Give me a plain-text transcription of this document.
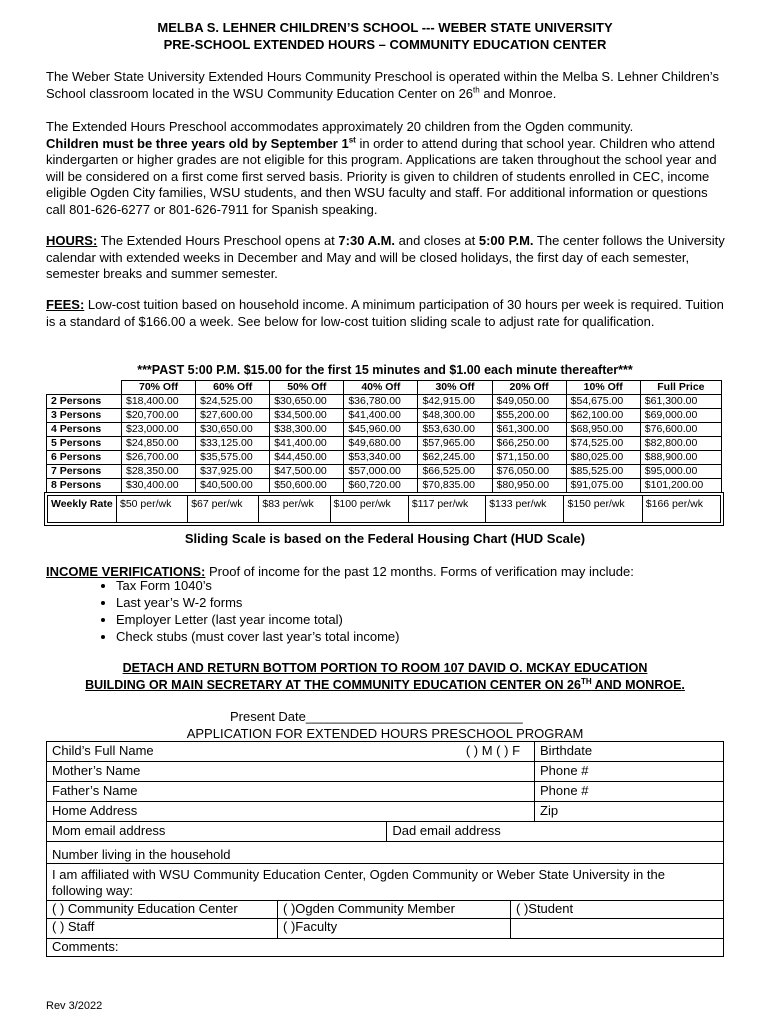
MELBA S. LEHNER CHILDREN’S SCHOOL --- WEBER STATE UNIVERSITY
PRE-SCHOOL EXTENDED HOURS – COMMUNITY EDUCATION CENTER
The Weber State University Extended Hours Community Preschool is operated within the Melba S. Lehner Children’s School classroom located in the WSU Community Education Center on 26th and Monroe.
The Extended Hours Preschool accommodates approximately 20 children from the Ogden community.
Children must be three years old by September 1st in order to attend during that school year. Children who attend kindergarten or higher grades are not eligible for this program. Applications are taken throughout the school year and will be considered on a first come first served basis. Priority is given to children of students enrolled in CEC, income eligible Ogden City families, WSU students, and then WSU faculty and staff. For additional information or questions call 801-626-6277 or 801-626-7911 for Spanish speaking.
HOURS: The Extended Hours Preschool opens at 7:30 A.M. and closes at 5:00 P.M. The center follows the University calendar with extended weeks in December and May and will be closed holidays, the first day of each semester, semester breaks and summer semester.
FEES: Low-cost tuition based on household income. A minimum participation of 30 hours per week is required. Tuition is a standard of $166.00 a week. See below for low-cost tuition sliding scale to adjust rate for qualification.
***PAST 5:00 P.M. $15.00 for the first 15 minutes and $1.00 each minute thereafter***
	70% Off	60% Off	50% Off	40% Off	30% Off	20% Off	10% Off	Full Price
2 Persons	$18,400.00	$24,525.00	$30,650.00	$36,780.00	$42,915.00	$49,050.00	$54,675.00	$61,300.00
3 Persons	$20,700.00	$27,600.00	$34,500.00	$41,400.00	$48,300.00	$55,200.00	$62,100.00	$69,000.00
4 Persons	$23,000.00	$30,650.00	$38,300.00	$45,960.00	$53,630.00	$61,300.00	$68,950.00	$76,600.00
5 Persons	$24,850.00	$33,125.00	$41,400.00	$49,680.00	$57,965.00	$66,250.00	$74,525.00	$82,800.00
6 Persons	$26,700.00	$35,575.00	$44,450.00	$53,340.00	$62,245.00	$71,150.00	$80,025.00	$88,900.00
7 Persons	$28,350.00	$37,925.00	$47,500.00	$57,000.00	$66,525.00	$76,050.00	$85,525.00	$95,000.00
8 Persons	$30,400.00	$40,500.00	$50,600.00	$60,720.00	$70,835.00	$80,950.00	$91,075.00	$101,200.00
Weekly Rate	$50 per/wk	$67 per/wk	$83 per/wk	$100 per/wk	$117 per/wk	$133 per/wk	$150 per/wk	$166 per/wk
Sliding Scale is based on the Federal Housing Chart (HUD Scale)
INCOME VERIFICATIONS: Proof of income for the past 12 months. Forms of verification may include:
• Tax Form 1040’s
• Last year’s W-2 forms
• Employer Letter (last year income total)
• Check stubs (must cover last year’s total income)
DETACH AND RETURN BOTTOM PORTION TO ROOM 107 DAVID O. MCKAY EDUCATION
BUILDING OR MAIN SECRETARY AT THE COMMUNITY EDUCATION CENTER ON 26TH AND MONROE.
Present Date______________________________
APPLICATION FOR EXTENDED HOURS PRESCHOOL PROGRAM
Child’s Full Name	( ) M ( ) F	Birthdate
Mother’s Name	Phone #
Father’s Name	Phone #
Home Address	Zip
Mom email address	Dad email address
Number living in the household

I am affiliated with WSU Community Education Center, Ogden Community or Weber State University in the following way:
( ) Community Education Center	( )Ogden Community Member	( )Student
( ) Staff	( )Faculty	
Comments:
Rev 3/2022
